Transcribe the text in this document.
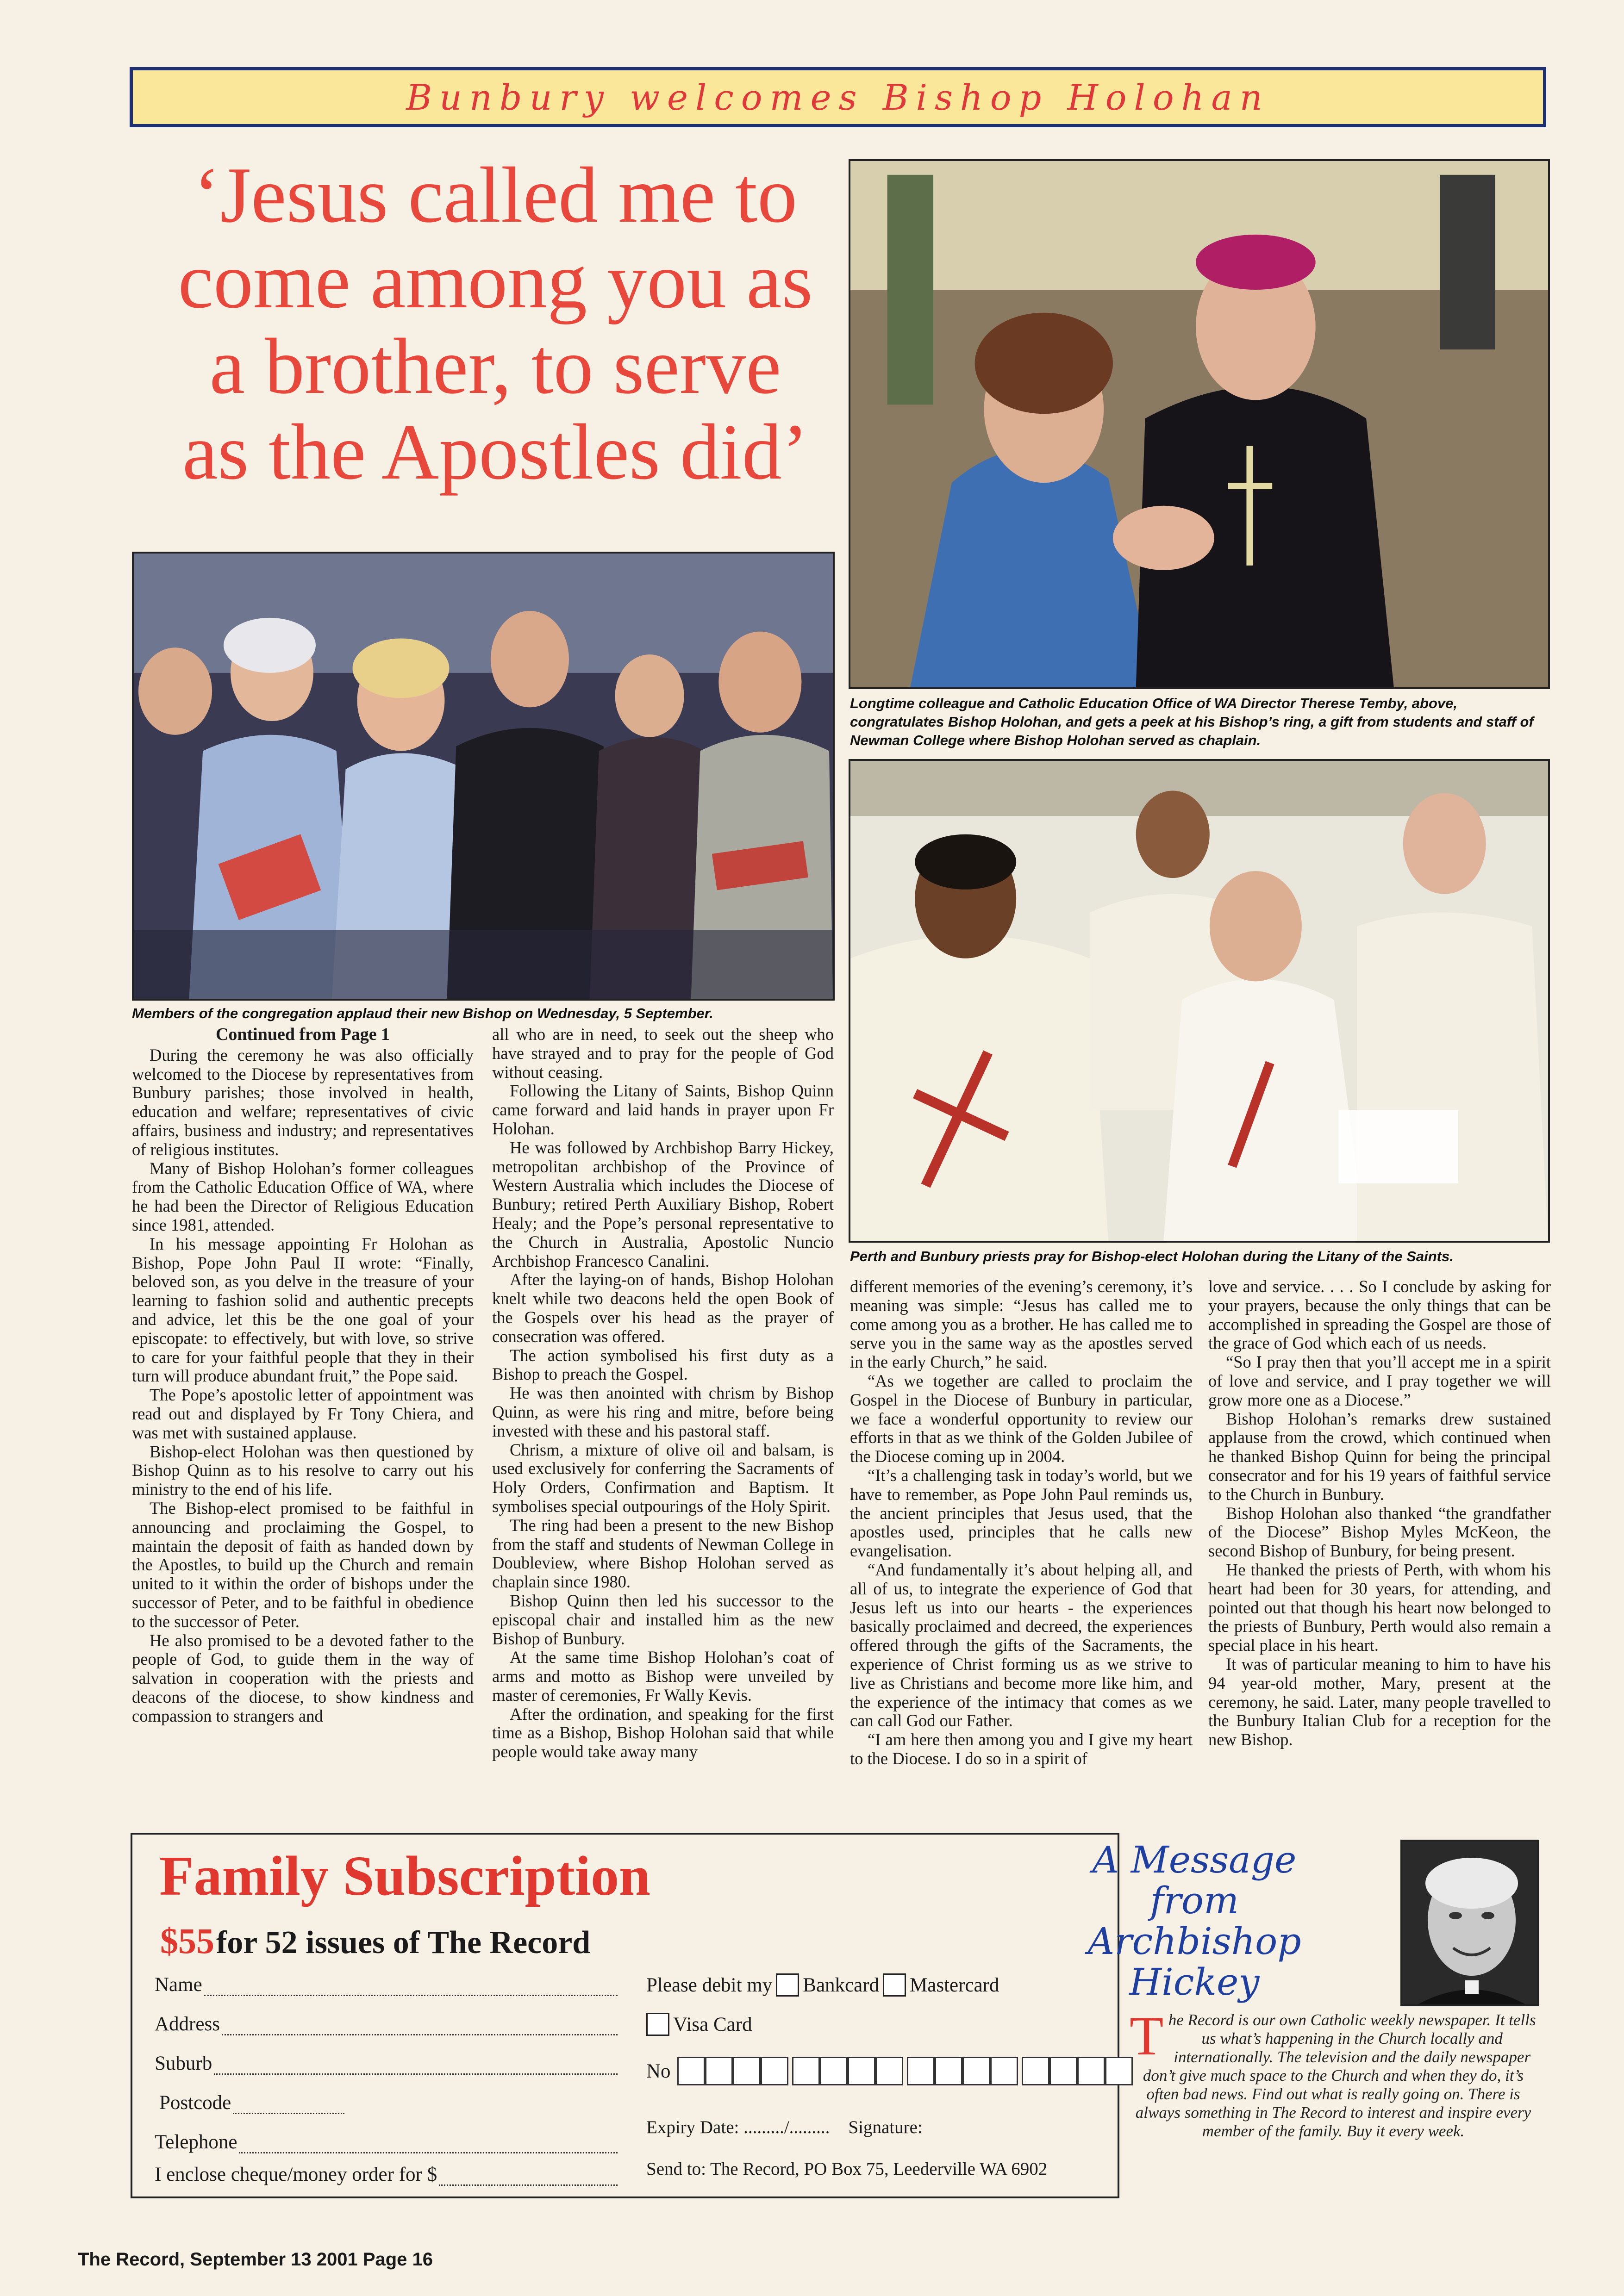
Bunbury welcomes Bishop Holohan
‘Jesus called me to
come among you as
a brother, to serve
as the Apostles did’
Members of the congregation applaud their new Bishop on Wednesday, 5 September.
Longtime colleague and Catholic Education Office of WA Director Therese Temby, above, congratulates Bishop Holohan, and gets a peek at his Bishop’s ring, a gift from students and staff of Newman College where Bishop Holohan served as chaplain.
Perth and Bunbury priests pray for Bishop-elect Holohan during the Litany of the Saints.

Continued from Page 1

During the ceremony he was also officially welcomed to the Diocese by representatives from Bunbury parishes; those involved in health, education and welfare; representatives of civic affairs, business and industry; and representatives of religious institutes.

Many of Bishop Holohan’s former colleagues from the Catholic Education Office of WA, where he had been the Director of Religious Education since 1981, attended.

In his message appointing Fr Holohan as Bishop, Pope John Paul II wrote: “Finally, beloved son, as you delve in the treasure of your learning to fashion solid and authentic precepts and advice, let this be the one goal of your episcopate: to effectively, but with love, so strive to care for your faithful people that they in their turn will produce abundant fruit,” the Pope said.

The Pope’s apostolic letter of appointment was read out and displayed by Fr Tony Chiera, and was met with sustained applause.

Bishop-elect Holohan was then questioned by Bishop Quinn as to his resolve to carry out his ministry to the end of his life.

The Bishop-elect promised to be faithful in announcing and proclaiming the Gospel, to maintain the deposit of faith as handed down by the Apostles, to build up the Church and remain united to it within the order of bishops under the successor of Peter, and to be faithful in obedience to the successor of Peter.

He also promised to be a devoted father to the people of God, to guide them in the way of salvation in cooperation with the priests and deacons of the diocese, to show kindness and compassion to strangers and

all who are in need, to seek out the sheep who have strayed and to pray for the people of God without ceasing.

Following the Litany of Saints, Bishop Quinn came forward and laid hands in prayer upon Fr Holohan.

He was followed by Archbishop Barry Hickey, metropolitan archbishop of the Province of Western Australia which includes the Diocese of Bunbury; retired Perth Auxiliary Bishop, Robert Healy; and the Pope’s personal representative to the Church in Australia, Apostolic Nuncio Archbishop Francesco Canalini.

After the laying-on of hands, Bishop Holohan knelt while two deacons held the open Book of the Gospels over his head as the prayer of consecration was offered.

The action symbolised his first duty as a Bishop to preach the Gospel.

He was then anointed with chrism by Bishop Quinn, as were his ring and mitre, before being invested with these and his pastoral staff.

Chrism, a mixture of olive oil and balsam, is used exclusively for conferring the Sacraments of Holy Orders, Confirmation and Baptism. It symbolises special outpourings of the Holy Spirit.

The ring had been a present to the new Bishop from the staff and students of Newman College in Doubleview, where Bishop Holohan served as chaplain since 1980.

Bishop Quinn then led his successor to the episcopal chair and installed him as the new Bishop of Bunbury.

At the same time Bishop Holohan’s coat of arms and motto as Bishop were unveiled by master of ceremonies, Fr Wally Kevis.

After the ordination, and speaking for the first time as a Bishop, Bishop Holohan said that while people would take away many

different memories of the evening’s ceremony, it’s meaning was simple: “Jesus has called me to come among you as a brother. He has called me to serve you in the same way as the apostles served in the early Church,” he said.

“As we together are called to proclaim the Gospel in the Diocese of Bunbury in particular, we face a wonderful opportunity to review our efforts in that as we think of the Golden Jubilee of the Diocese coming up in 2004.

“It’s a challenging task in today’s world, but we have to remember, as Pope John Paul reminds us, the ancient principles that Jesus used, that the apostles used, principles that he calls new evangelisation.

“And fundamentally it’s about helping all, and all of us, to integrate the experience of God that Jesus left us into our hearts - the experiences basically proclaimed and decreed, the experiences offered through the gifts of the Sacraments, the experience of Christ forming us as we strive to live as Christians and become more like him, and the experience of the intimacy that comes as we can call God our Father.

“I am here then among you and I give my heart to the Diocese. I do so in a spirit of

love and service. . . . So I conclude by asking for your prayers, because the only things that can be accomplished in spreading the Gospel are those of the grace of God which each of us needs.

“So I pray then that you’ll accept me in a spirit of love and service, and I pray together we will grow more one as a Diocese.”

Bishop Holohan’s remarks drew sustained applause from the crowd, which continued when he thanked Bishop Quinn for being the principal consecrator and for his 19 years of faithful service to the Church in Bunbury.

Bishop Holohan also thanked “the grandfather of the Diocese” Bishop Myles McKeon, the second Bishop of Bunbury, for being present.

He thanked the priests of Perth, with whom his heart had been for 30 years, for attending, and pointed out that though his heart now belonged to the priests of Bunbury, Perth would also remain a special place in his heart.

It was of particular meaning to him to have his 94 year-old mother, Mary, present at the ceremony, he said. Later, many people travelled to the Bunbury Italian Club for a reception for the new Bishop.

Family Subscription
$55 for 52 issues of The Record
Name
Address
Suburb
Postcode
Telephone
I enclose cheque/money order for $
Please debit my Bankcard Mastercard
Visa Card
No
Expiry Date: ........./......... Signature:
Send to: The Record, PO Box 75, Leederville WA 6902
A Message
from
Archbishop
Hickey
T he Record is our own Catholic weekly newspaper. It tells us what’s happening in the Church locally and internationally. The television and the daily newspaper don’t give much space to the Church and when they do, it’s often bad news. Find out what is really going on. There is always something in The Record to interest and inspire every member of the family. Buy it every week.
The Record, September 13 2001 Page 16
